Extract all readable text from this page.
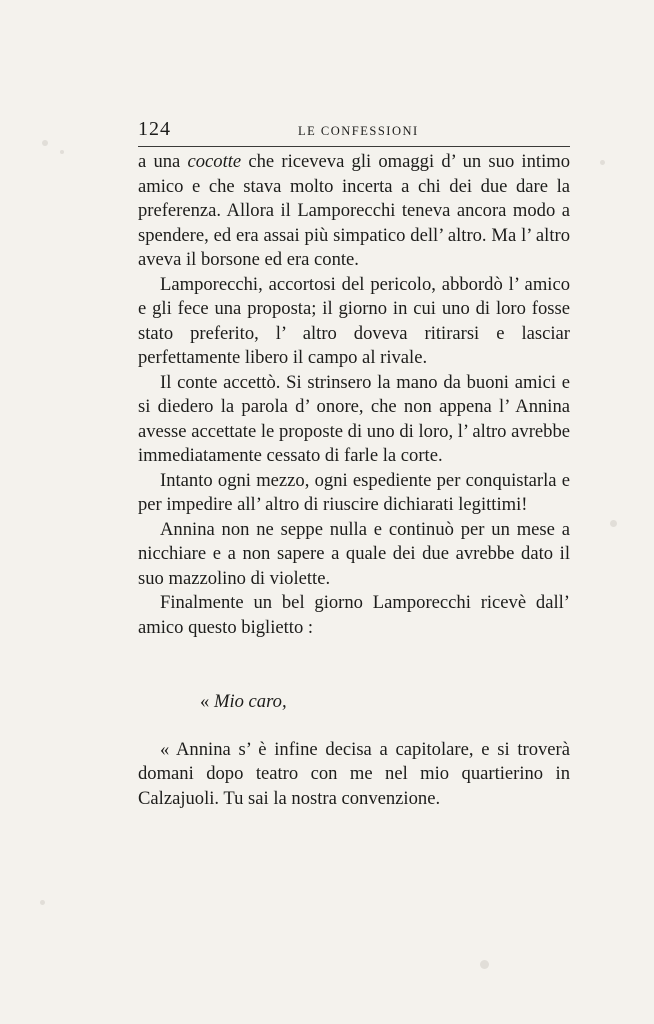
124	LE CONFESSIONI

a una cocotte che riceveva gli omaggi d’ un suo intimo amico e che stava molto incerta a chi dei due dare la preferenza. Allora il Lamporecchi teneva ancora modo a spendere, ed era assai più simpatico dell’ altro. Ma l’ altro aveva il borsone ed era conte.

Lamporecchi, accortosi del pericolo, abbordò l’ amico e gli fece una proposta; il giorno in cui uno di loro fosse stato preferito, l’ altro doveva ritirarsi e lasciar perfettamente libero il campo al rivale.

Il conte accettò. Si strinsero la mano da buoni amici e si diedero la parola d’ onore, che non appena l’ Annina avesse accettate le proposte di uno di loro, l’ altro avrebbe immediatamente cessato di farle la corte.

Intanto ogni mezzo, ogni espediente per conquistarla e per impedire all’ altro di riuscire dichiarati legittimi!

Annina non ne seppe nulla e continuò per un mese a nicchiare e a non sapere a quale dei due avrebbe dato il suo mazzolino di violette.

Finalmente un bel giorno Lamporecchi ricevè dall’ amico questo biglietto :

« Mio caro,

« Annina s’ è infine decisa a capitolare, e si troverà domani dopo teatro con me nel mio quartierino in Calzajuoli. Tu sai la nostra convenzione.
